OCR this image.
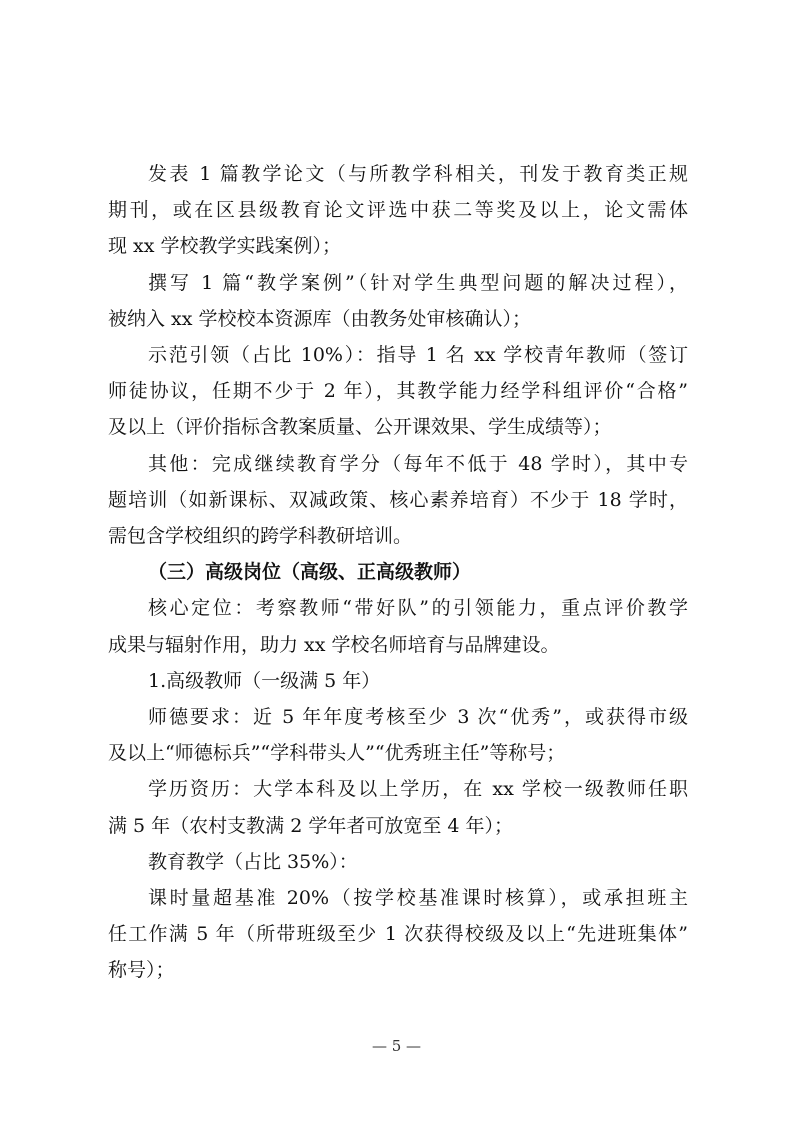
发表 1 篇教学论文（与所教学科相关，刊发于教育类正规
期刊，或在区县级教育论文评选中获二等奖及以上，论文需体
现 xx 学校教学实践案例）；
撰写 1 篇“教学案例”（针对学生典型问题的解决过程），
被纳入 xx 学校校本资源库（由教务处审核确认）；
示范引领（占比 10%）：指导 1 名 xx 学校青年教师（签订
师徒协议，任期不少于 2 年），其教学能力经学科组评价“合格”
及以上（评价指标含教案质量、公开课效果、学生成绩等）；
其他：完成继续教育学分（每年不低于 48 学时），其中专
题培训（如新课标、双减政策、核心素养培育）不少于 18 学时，
需包含学校组织的跨学科教研培训。
（三）高级岗位（高级、正高级教师）
核心定位：考察教师“带好队”的引领能力，重点评价教学
成果与辐射作用，助力 xx 学校名师培育与品牌建设。
1.高级教师（一级满 5 年）
师德要求：近 5 年年度考核至少 3 次“优秀”，或获得市级
及以上“师德标兵”“学科带头人”“优秀班主任”等称号；
学历资历：大学本科及以上学历，在 xx 学校一级教师任职
满 5 年（农村支教满 2 学年者可放宽至 4 年）；
教育教学（占比 35%）：
课时量超基准 20%（按学校基准课时核算），或承担班主
任工作满 5 年（所带班级至少 1 次获得校级及以上“先进班集体”
称号）；
— 5 —
